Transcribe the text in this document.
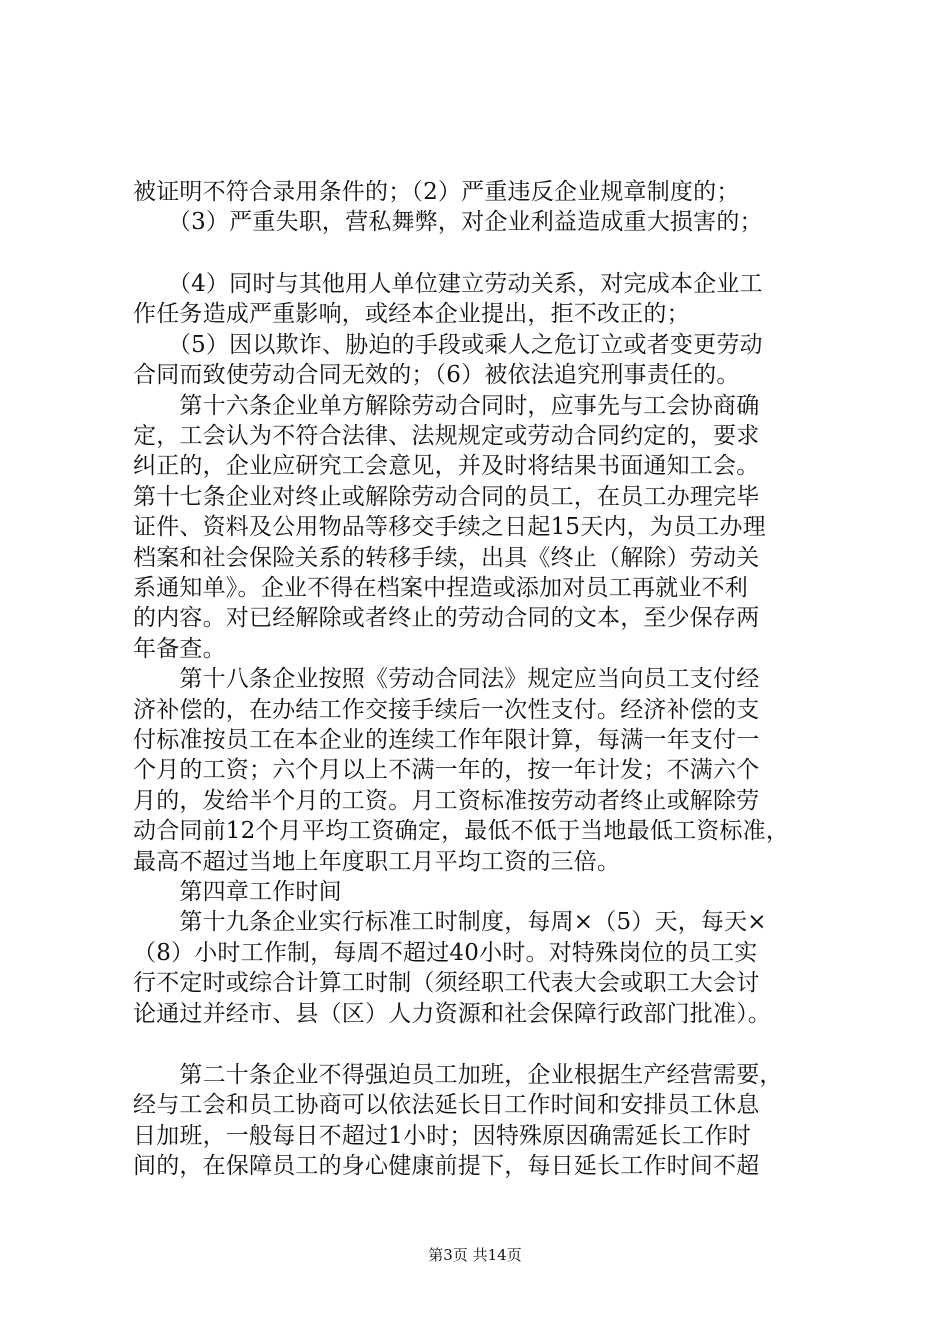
被证明不符合录用条件的；（2）严重违反企业规章制度的；
　　（3）严重失职，营私舞弊，对企业利益造成重大损害的；
　　（4）同时与其他用人单位建立劳动关系，对完成本企业工
作任务造成严重影响，或经本企业提出，拒不改正的；
　　（5）因以欺诈、胁迫的手段或乘人之危订立或者变更劳动
合同而致使劳动合同无效的；（6）被依法追究刑事责任的。
　　第十六条企业单方解除劳动合同时，应事先与工会协商确
定，工会认为不符合法律、法规规定或劳动合同约定的，要求
纠正的，企业应研究工会意见，并及时将结果书面通知工会。
第十七条企业对终止或解除劳动合同的员工，在员工办理完毕
证件、资料及公用物品等移交手续之日起15天内，为员工办理
档案和社会保险关系的转移手续，出具《终止（解除）劳动关
系通知单》。企业不得在档案中捏造或添加对员工再就业不利
的内容。对已经解除或者终止的劳动合同的文本，至少保存两
年备查。
　　第十八条企业按照《劳动合同法》规定应当向员工支付经
济补偿的，在办结工作交接手续后一次性支付。经济补偿的支
付标准按员工在本企业的连续工作年限计算，每满一年支付一
个月的工资；六个月以上不满一年的，按一年计发；不满六个
月的，发给半个月的工资。月工资标准按劳动者终止或解除劳
动合同前12个月平均工资确定，最低不低于当地最低工资标准，
最高不超过当地上年度职工月平均工资的三倍。
　　第四章工作时间
　　第十九条企业实行标准工时制度，每周×（5）天，每天×
（8）小时工作制，每周不超过40小时。对特殊岗位的员工实
行不定时或综合计算工时制（须经职工代表大会或职工大会讨
论通过并经市、县（区）人力资源和社会保障行政部门批准）。
　　第二十条企业不得强迫员工加班，企业根据生产经营需要，
经与工会和员工协商可以依法延长日工作时间和安排员工休息
日加班，一般每日不超过1小时；因特殊原因确需延长工作时
间的，在保障员工的身心健康前提下，每日延长工作时间不超
第3页 共14页
